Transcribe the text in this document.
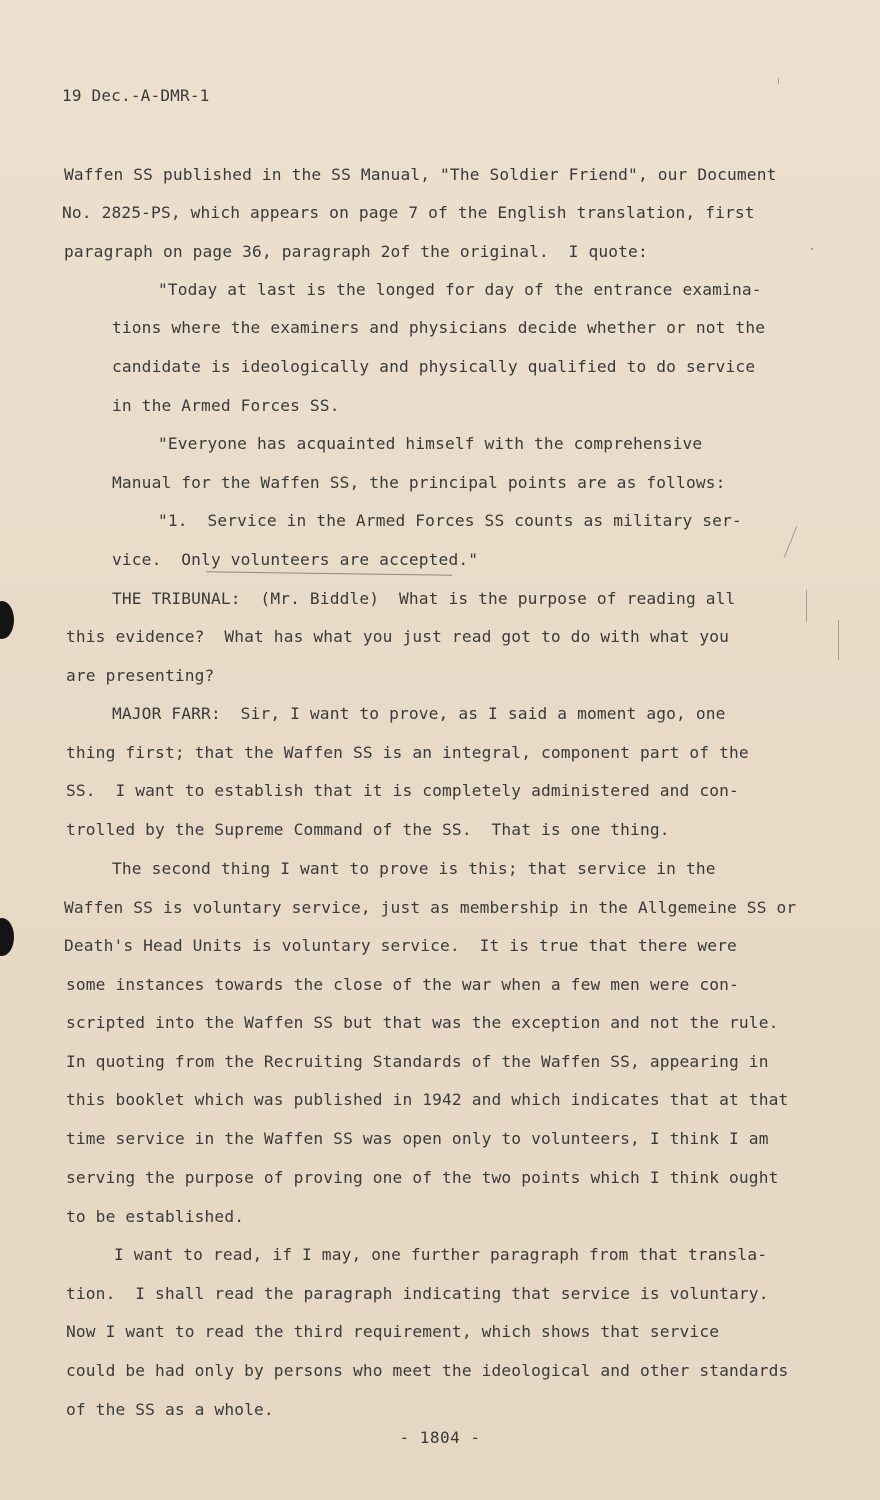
19 Dec.-A-DMR-1
Waffen SS published in the SS Manual, "The Soldier Friend", our Document
No. 2825-PS, which appears on page 7 of the English translation, first
paragraph on page 36, paragraph 2of the original.  I quote:
"Today at last is the longed for day of the entrance examina-
tions where the examiners and physicians decide whether or not the
candidate is ideologically and physically qualified to do service
in the Armed Forces SS.
"Everyone has acquainted himself with the comprehensive
Manual for the Waffen SS, the principal points are as follows:
"1.  Service in the Armed Forces SS counts as military ser-
vice.  Only volunteers are accepted."
THE TRIBUNAL:  (Mr. Biddle)  What is the purpose of reading all
this evidence?  What has what you just read got to do with what you
are presenting?
MAJOR FARR:  Sir, I want to prove, as I said a moment ago, one
thing first; that the Waffen SS is an integral, component part of the
SS.  I want to establish that it is completely administered and con-
trolled by the Supreme Command of the SS.  That is one thing.
The second thing I want to prove is this; that service in the
Waffen SS is voluntary service, just as membership in the Allgemeine SS or
Death's Head Units is voluntary service.  It is true that there were
some instances towards the close of the war when a few men were con-
scripted into the Waffen SS but that was the exception and not the rule.
In quoting from the Recruiting Standards of the Waffen SS, appearing in
this booklet which was published in 1942 and which indicates that at that
time service in the Waffen SS was open only to volunteers, I think I am
serving the purpose of proving one of the two points which I think ought
to be established.
I want to read, if I may, one further paragraph from that transla-
tion.  I shall read the paragraph indicating that service is voluntary.
Now I want to read the third requirement, which shows that service
could be had only by persons who meet the ideological and other standards
of the SS as a whole.
- 1804 -
